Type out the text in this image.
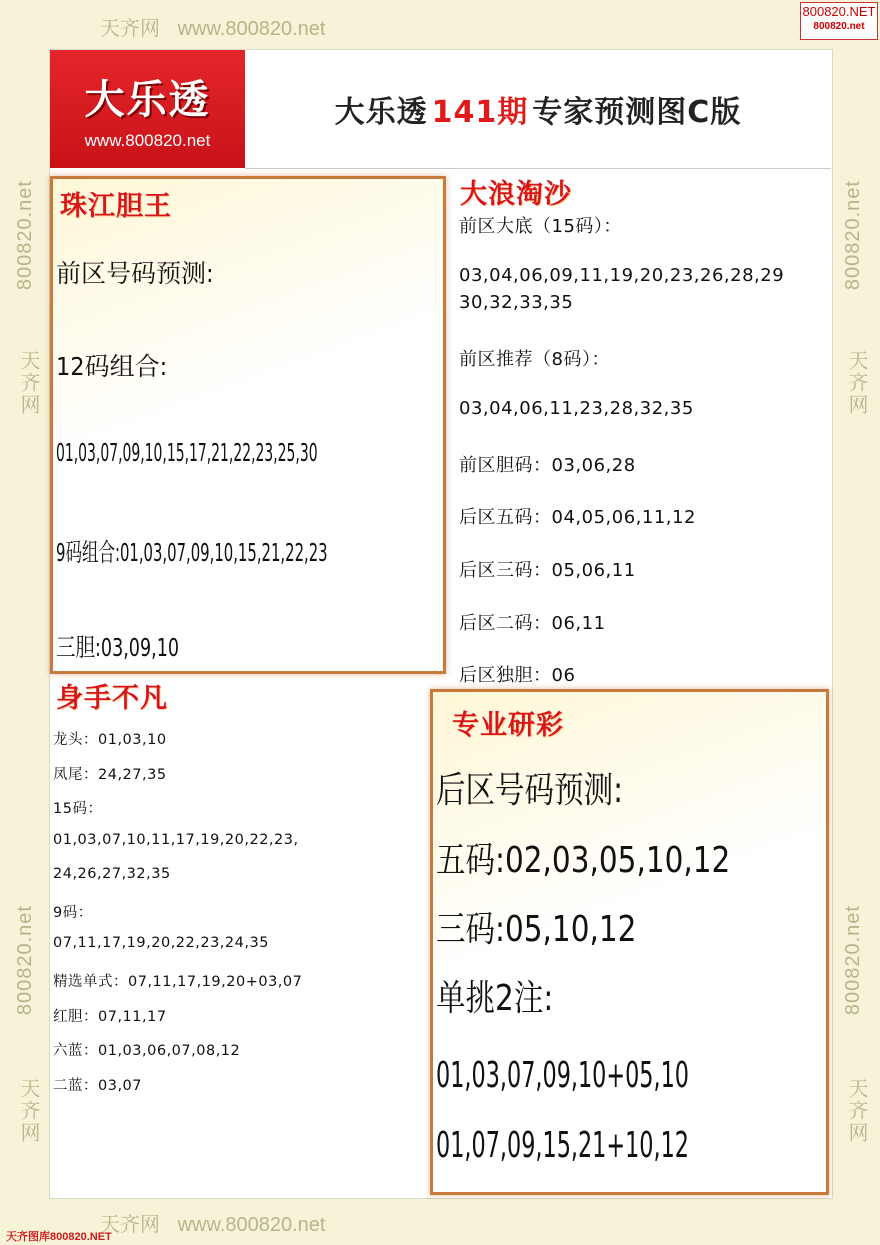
天齐网 www.800820.net
天齐网 www.800820.net
天齐图库800820.NET
800820.net
天齐网
800820.net
天齐网
800820.net
天齐网
800820.net
天齐网
800820.NET
800820.net
大乐透
www.800820.net
大乐透 141期 专家预测图C版
珠江胆王
前区号码预测:
12码组合:
01,03,07,09,10,15,17,21,22,23,25,30
9码组合:01,03,07,09,10,15,21,22,23
三胆:03,09,10
大浪淘沙
前区大底（15码）：
03,04,06,09,11,19,20,23,26,28,29
30,32,33,35
前区推荐（8码）：
03,04,06,11,23,28,32,35
前区胆码：03,06,28
后区五码：04,05,06,11,12
后区三码：05,06,11
后区二码：06,11
后区独胆：06
身手不凡
龙头：01,03,10
凤尾：24,27,35
15码：
01,03,07,10,11,17,19,20,22,23,
24,26,27,32,35
9码：
07,11,17,19,20,22,23,24,35
精选单式：07,11,17,19,20+03,07
红胆：07,11,17
六蓝：01,03,06,07,08,12
二蓝：03,07
专业研彩
后区号码预测:
五码:02,03,05,10,12
三码:05,10,12
单挑2注:
01,03,07,09,10+05,10
01,07,09,15,21+10,12
